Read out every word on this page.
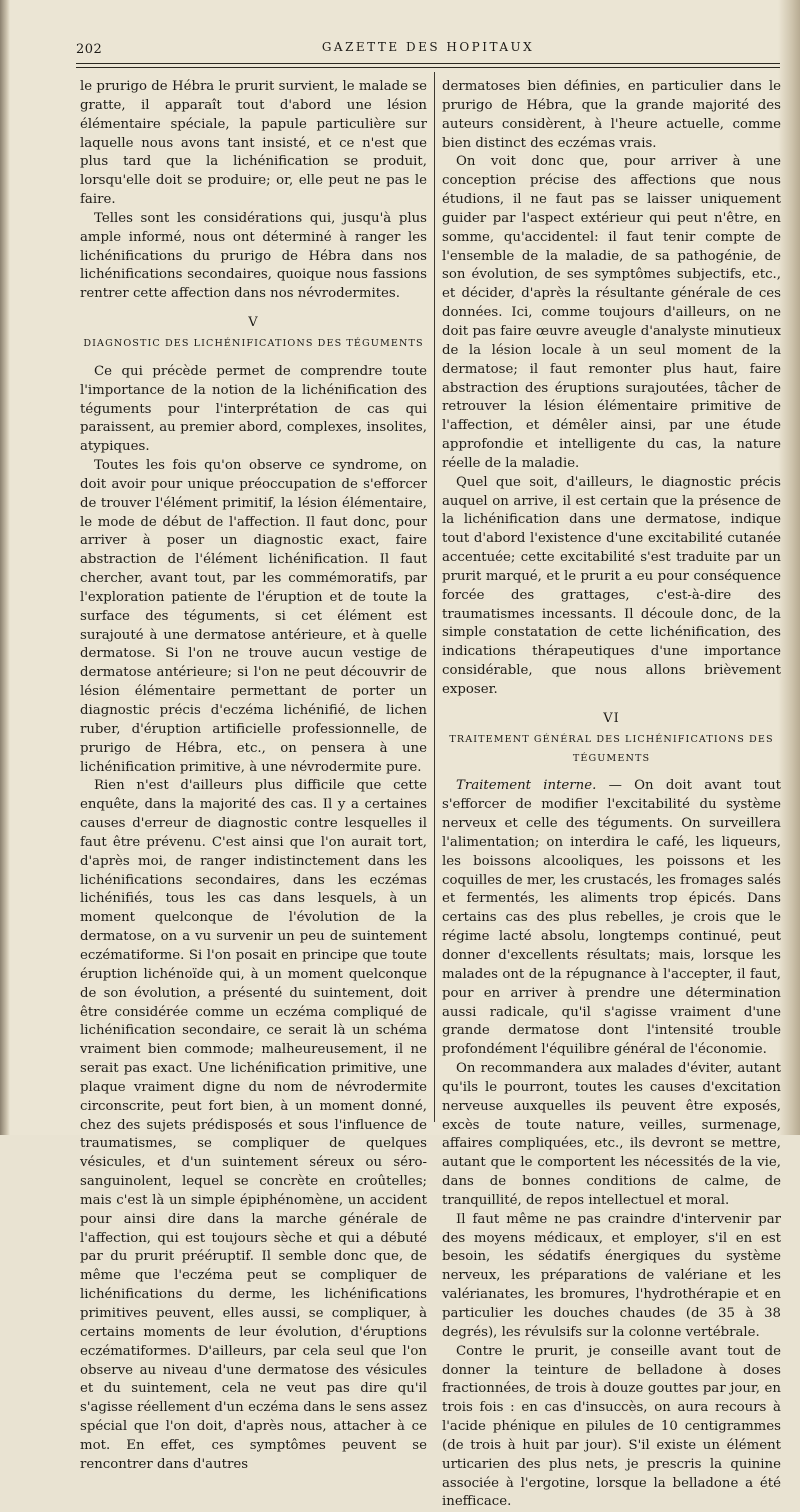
202	GAZETTE DES HOPITAUX

le prurigo de Hébra le prurit survient, le malade se gratte, il apparaît tout d'abord une lésion élémentaire spéciale, la papule particulière sur laquelle nous avons tant insisté, et ce n'est que plus tard que la lichénification se produit, lorsqu'elle doit se produire; or, elle peut ne pas le faire.

Telles sont les considérations qui, jusqu'à plus ample informé, nous ont déterminé à ranger les lichénifications du prurigo de Hébra dans nos lichénifications secondaires, quoique nous fassions rentrer cette affection dans nos névrodermites.

V
DIAGNOSTIC DES LICHÉNIFICATIONS DES TÉGUMENTS

Ce qui précède permet de comprendre toute l'importance de la notion de la lichénification des téguments pour l'interprétation de cas qui paraissent, au premier abord, complexes, insolites, atypiques.

Toutes les fois qu'on observe ce syndrome, on doit avoir pour unique préoccupation de s'efforcer de trouver l'élément primitif, la lésion élémentaire, le mode de début de l'affection. Il faut donc, pour arriver à poser un diagnostic exact, faire abstraction de l'élément lichénification. Il faut chercher, avant tout, par les commémoratifs, par l'exploration patiente de l'éruption et de toute la surface des téguments, si cet élément est surajouté à une dermatose antérieure, et à quelle dermatose. Si l'on ne trouve aucun vestige de dermatose antérieure; si l'on ne peut découvrir de lésion élémentaire permettant de porter un diagnostic précis d'eczéma lichénifié, de lichen ruber, d'éruption artificielle professionnelle, de prurigo de Hébra, etc., on pensera à une lichénification primitive, à une névrodermite pure.

Rien n'est d'ailleurs plus difficile que cette enquête, dans la majorité des cas. Il y a certaines causes d'erreur de diagnostic contre lesquelles il faut être prévenu. C'est ainsi que l'on aurait tort, d'après moi, de ranger indistinctement dans les lichénifications secondaires, dans les eczémas lichénifiés, tous les cas dans lesquels, à un moment quelconque de l'évolution de la dermatose, on a vu survenir un peu de suintement eczématiforme. Si l'on posait en principe que toute éruption lichénoïde qui, à un moment quelconque de son évolution, a présenté du suintement, doit être considérée comme un eczéma compliqué de lichénification secondaire, ce serait là un schéma vraiment bien commode; malheureusement, il ne serait pas exact. Une lichénification primitive, une plaque vraiment digne du nom de névrodermite circonscrite, peut fort bien, à un moment donné, chez des sujets prédisposés et sous l'influence de traumatismes, se compliquer de quelques vésicules, et d'un suintement séreux ou séro-sanguinolent, lequel se concrète en croûtelles; mais c'est là un simple épiphénomène, un accident pour ainsi dire dans la marche générale de l'affection, qui est toujours sèche et qui a débuté par du prurit prééruptif. Il semble donc que, de même que l'eczéma peut se compliquer de lichénifications du derme, les lichénifications primitives peuvent, elles aussi, se compliquer, à certains moments de leur évolution, d'éruptions eczématiformes. D'ailleurs, par cela seul que l'on observe au niveau d'une dermatose des vésicules et du suintement, cela ne veut pas dire qu'il s'agisse réellement d'un eczéma dans le sens assez spécial que l'on doit, d'après nous, attacher à ce mot. En effet, ces symptômes peuvent se rencontrer dans d'autres

dermatoses bien définies, en particulier dans le prurigo de Hébra, que la grande majorité des auteurs considèrent, à l'heure actuelle, comme bien distinct des eczémas vrais.

On voit donc que, pour arriver à une conception précise des affections que nous étudions, il ne faut pas se laisser uniquement guider par l'aspect extérieur qui peut n'être, en somme, qu'accidentel: il faut tenir compte de l'ensemble de la maladie, de sa pathogénie, de son évolution, de ses symptômes subjectifs, etc., et décider, d'après la résultante générale de ces données. Ici, comme toujours d'ailleurs, on ne doit pas faire œuvre aveugle d'analyste minutieux de la lésion locale à un seul moment de la dermatose; il faut remonter plus haut, faire abstraction des éruptions surajoutées, tâcher de retrouver la lésion élémentaire primitive de l'affection, et démêler ainsi, par une étude approfondie et intelligente du cas, la nature réelle de la maladie.

Quel que soit, d'ailleurs, le diagnostic précis auquel on arrive, il est certain que la présence de la lichénification dans une dermatose, indique tout d'abord l'existence d'une excitabilité cutanée accentuée; cette excitabilité s'est traduite par un prurit marqué, et le prurit a eu pour conséquence forcée des grattages, c'est-à-dire des traumatismes incessants. Il découle donc, de la simple constatation de cette lichénification, des indications thérapeutiques d'une importance considérable, que nous allons brièvement exposer.

VI
TRAITEMENT GÉNÉRAL DES LICHÉNIFICATIONS DES TÉGUMENTS

Traitement interne. — On doit avant tout s'efforcer de modifier l'excitabilité du système nerveux et celle des téguments. On surveillera l'alimentation; on interdira le café, les liqueurs, les boissons alcooliques, les poissons et les coquilles de mer, les crustacés, les fromages salés et fermentés, les aliments trop épicés. Dans certains cas des plus rebelles, je crois que le régime lacté absolu, longtemps continué, peut donner d'excellents résultats; mais, lorsque les malades ont de la répugnance à l'accepter, il faut, pour en arriver à prendre une détermination aussi radicale, qu'il s'agisse vraiment d'une grande dermatose dont l'intensité trouble profondément l'équilibre général de l'économie.

On recommandera aux malades d'éviter, autant qu'ils le pourront, toutes les causes d'excitation nerveuse auxquelles ils peuvent être exposés, excès de toute nature, veilles, surmenage, affaires compliquées, etc., ils devront se mettre, autant que le comportent les nécessités de la vie, dans de bonnes conditions de calme, de tranquillité, de repos intellectuel et moral.

Il faut même ne pas craindre d'intervenir par des moyens médicaux, et employer, s'il en est besoin, les sédatifs énergiques du système nerveux, les préparations de valériane et les valérianates, les bromures, l'hydrothérapie et en particulier les douches chaudes (de 35 à 38 degrés), les révulsifs sur la colonne vertébrale.

Contre le prurit, je conseille avant tout de donner la teinture de belladone à doses fractionnées, de trois à douze gouttes par jour, en trois fois : en cas d'insuccès, on aura recours à l'acide phénique en pilules de 10 centigrammes (de trois à huit par jour). S'il existe un élément urticarien des plus nets, je prescris la quinine associée à l'ergotine, lorsque la belladone a été inefficace.
